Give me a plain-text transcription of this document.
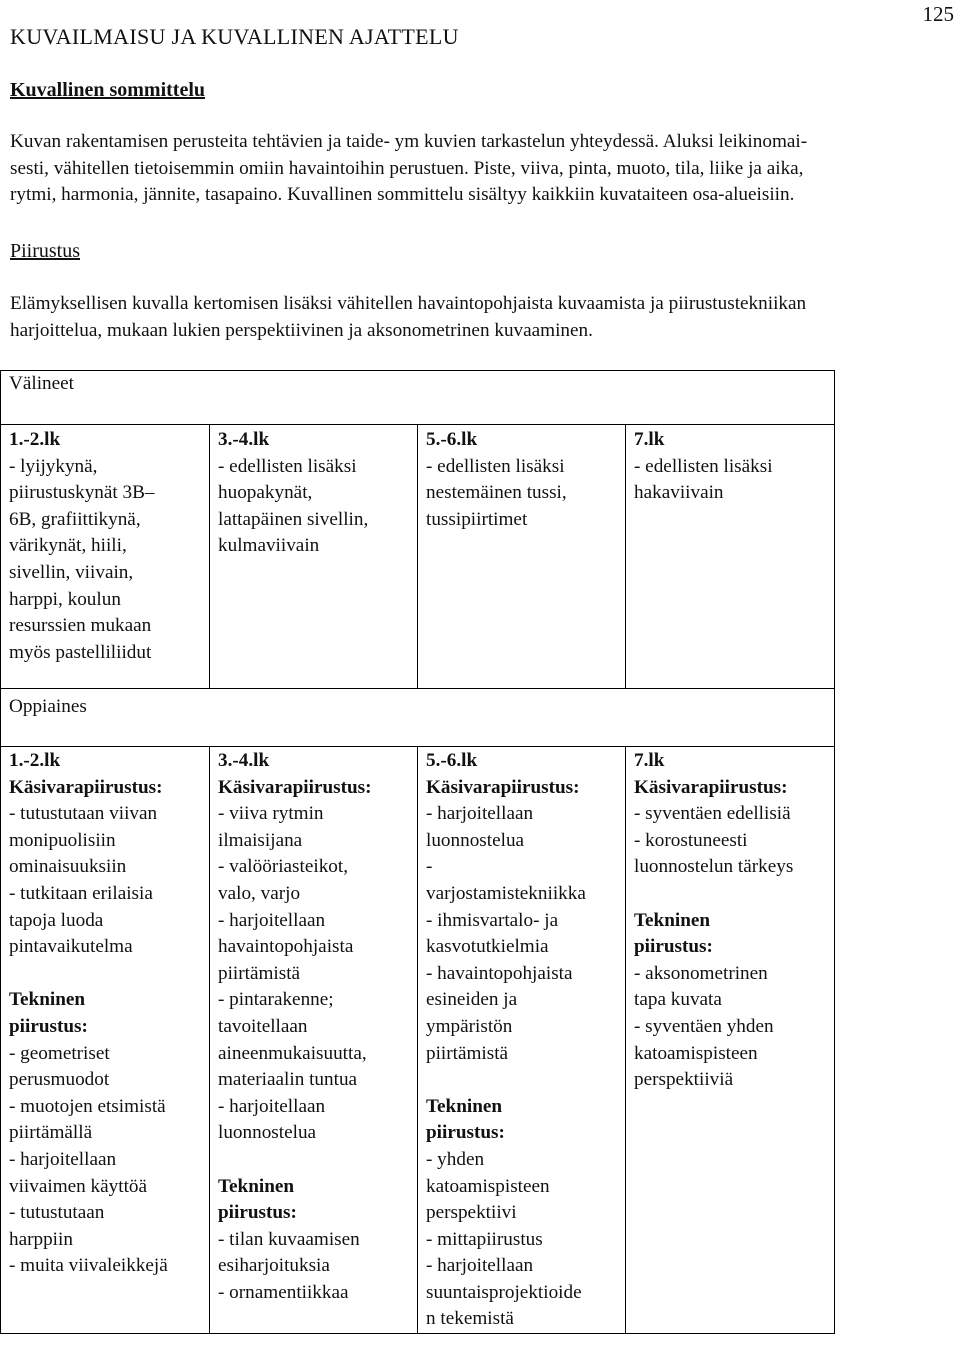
125
KUVAILMAISU JA KUVALLINEN AJATTELU
Kuvallinen sommittelu
Kuvan rakentamisen perusteita tehtävien ja taide- ym kuvien tarkastelun yhteydessä. Aluksi leikinomai-
sesti, vähitellen tietoisemmin omiin havaintoihin perustuen. Piste, viiva, pinta, muoto, tila, liike ja aika,
rytmi, harmonia, jännite, tasapaino. Kuvallinen sommittelu sisältyy kaikkiin kuvataiteen osa-alueisiin.
Piirustus
Elämyksellisen kuvalla kertomisen lisäksi vähitellen havaintopohjaista kuvaamista ja piirustustekniikan
harjoittelua, mukaan lukien perspektiivinen ja aksonometrinen kuvaaminen.
Välineet

1.-2.lk
- lyijykynä,
piirustuskynät 3B–
6B, grafiittikynä,
värikynät, hiili,
sivellin, viivain,
harppi, koulun
resurssien mukaan
myös pastelliliidut

3.-4.lk
- edellisten lisäksi
huopakynät,
lattapäinen sivellin,
kulmaviivain

5.-6.lk
- edellisten lisäksi
nestemäinen tussi,
tussipiirtimet

7.lk
- edellisten lisäksi
hakaviivain
Oppiaines

1.-2.lk
Käsivarapiirustus:
- tutustutaan viivan
monipuolisiin
ominaisuuksiin
- tutkitaan erilaisia
tapoja luoda
pintavaikutelma
Tekninen
piirustus:
- geometriset
perusmuodot
- muotojen etsimistä
piirtämällä
- harjoitellaan
viivaimen käyttöä
- tutustutaan
harppiin
- muita viivaleikkejä

3.-4.lk
Käsivarapiirustus:
- viiva rytmin
ilmaisijana
- valööriasteikot,
valo, varjo
- harjoitellaan
havaintopohjaista
piirtämistä
- pintarakenne;
tavoitellaan
aineenmukaisuutta,
materiaalin tuntua
- harjoitellaan
luonnostelua
Tekninen
piirustus:
- tilan kuvaamisen
esiharjoituksia
- ornamentiikkaa

5.-6.lk
Käsivarapiirustus:
- harjoitellaan
luonnostelua
-
varjostamistekniikka
- ihmisvartalo- ja
kasvotutkielmia
- havaintopohjaista
esineiden ja
ympäristön
piirtämistä
Tekninen
piirustus:
- yhden
katoamispisteen
perspektiivi
- mittapiirustus
- harjoitellaan
suuntaisprojektioide
n tekemistä

7.lk
Käsivarapiirustus:
- syventäen edellisiä
- korostuneesti
luonnostelun tärkeys
Tekninen
piirustus:
- aksonometrinen
tapa kuvata
- syventäen yhden
katoamispisteen
perspektiiviä
